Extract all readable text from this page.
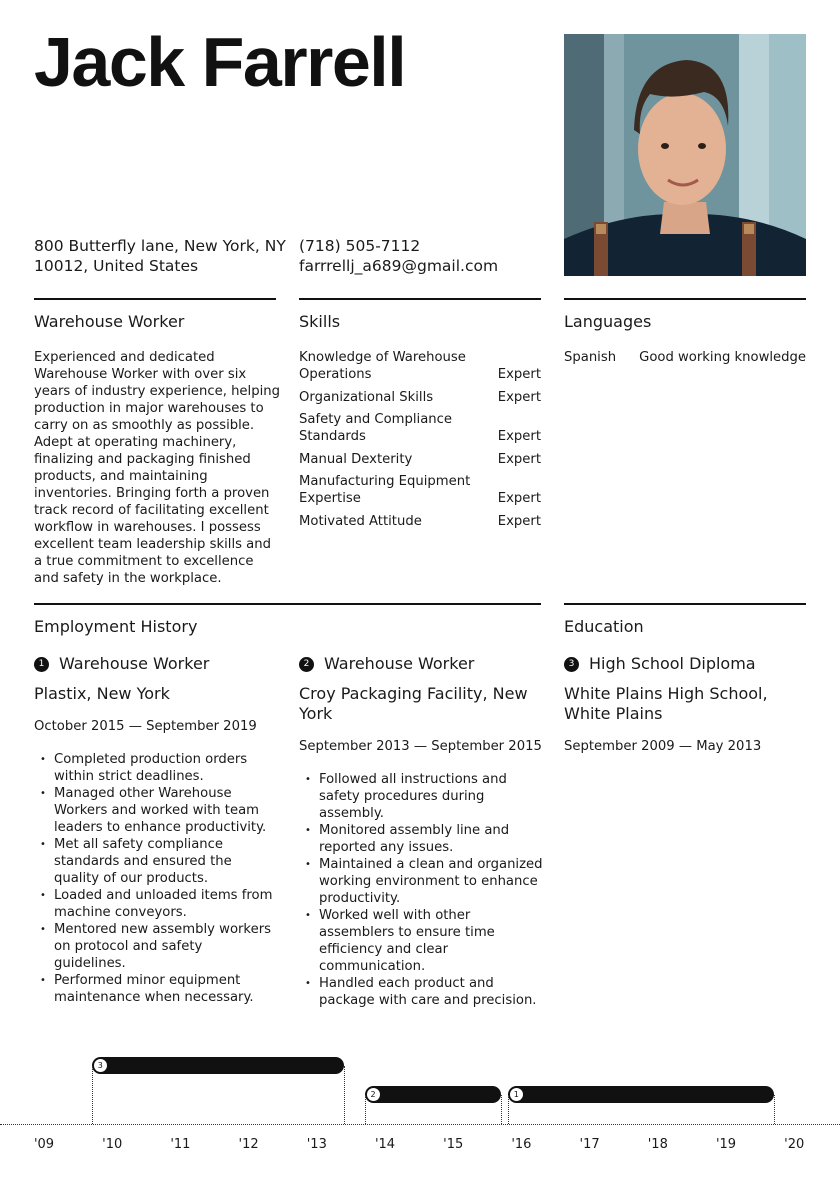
Jack Farrell
800 Butterfly lane, New York, NY
10012, United States
(718) 505-7112
farrrellj_a689@gmail.com
Warehouse Worker	Skills	Languages
Experienced and dedicated Warehouse Worker with over six years of industry experience, helping production in major warehouses to carry on as smoothly as possible. Adept at operating machinery, finalizing and packaging finished products, and maintaining inventories. Bringing forth a proven track record of facilitating excellent workflow in warehouses. I possess excellent team leadership skills and a true commitment to excellence and safety in the workplace.
Knowledge of Warehouse Operations	Expert
Organizational Skills	Expert
Safety and Compliance Standards	Expert
Manual Dexterity	Expert
Manufacturing Equipment Expertise	Expert
Motivated Attitude	Expert
Spanish Good working knowledge
Employment History	Education
1 Warehouse Worker
Plastix, New York
October 2015 — September 2019
• Completed production orders within strict deadlines.
• Managed other Warehouse Workers and worked with team leaders to enhance productivity.
• Met all safety compliance standards and ensured the quality of our products.
• Loaded and unloaded items from machine conveyors.
• Mentored new assembly workers on protocol and safety guidelines.
• Performed minor equipment maintenance when necessary.
2 Warehouse Worker
Croy Packaging Facility, New York
September 2013 — September 2015
• Followed all instructions and safety procedures during assembly.
• Monitored assembly line and reported any issues.
• Maintained a clean and organized working environment to enhance productivity.
• Worked well with other assemblers to ensure time efficiency and clear communication.
• Handled each product and package with care and precision.
3 High School Diploma
White Plains High School, White Plains
September 2009 — May 2013
'09	'10	'11	'12	'13	'14	'15	'16	'17	'18	'19	'20
3
2	1
